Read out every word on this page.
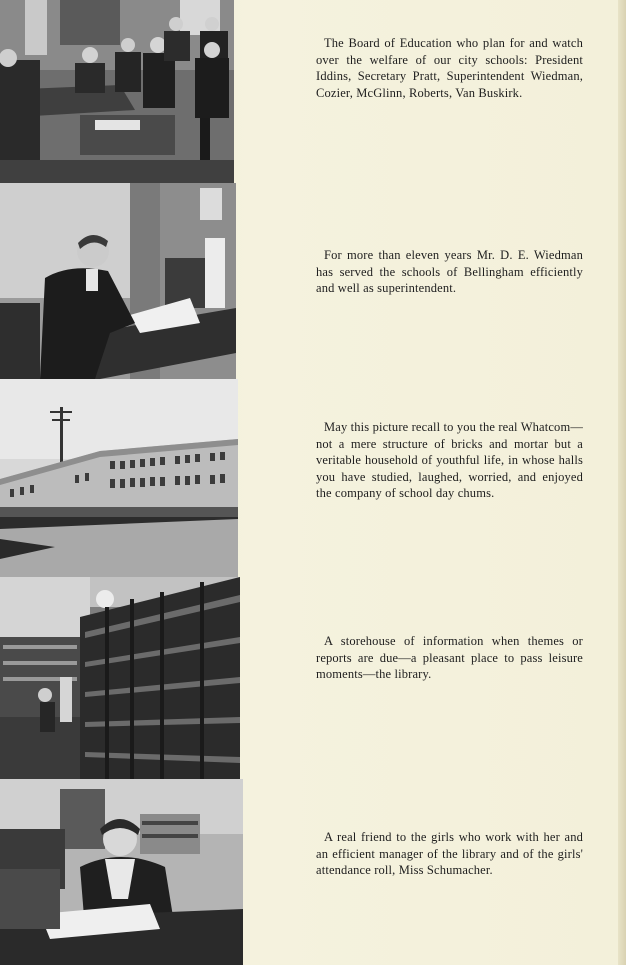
The Board of Education who plan for and watch over the welfare of our city schools: President Iddins, Secretary Pratt, Superintendent Wiedman, Cozier, McGlinn, Roberts, Van Buskirk.
For more than eleven years Mr. D. E. Wiedman has served the schools of Bellingham efficiently and well as superintendent.
May this picture recall to you the real Whatcom—not a mere structure of bricks and mortar but a veritable household of youthful life, in whose halls you have studied, laughed, worried, and enjoyed the company of school day chums.
A storehouse of information when themes or reports are due—a pleasant place to pass leisure moments—the library.
A real friend to the girls who work with her and an efficient manager of the library and of the girls' attendance roll, Miss Schumacher.
